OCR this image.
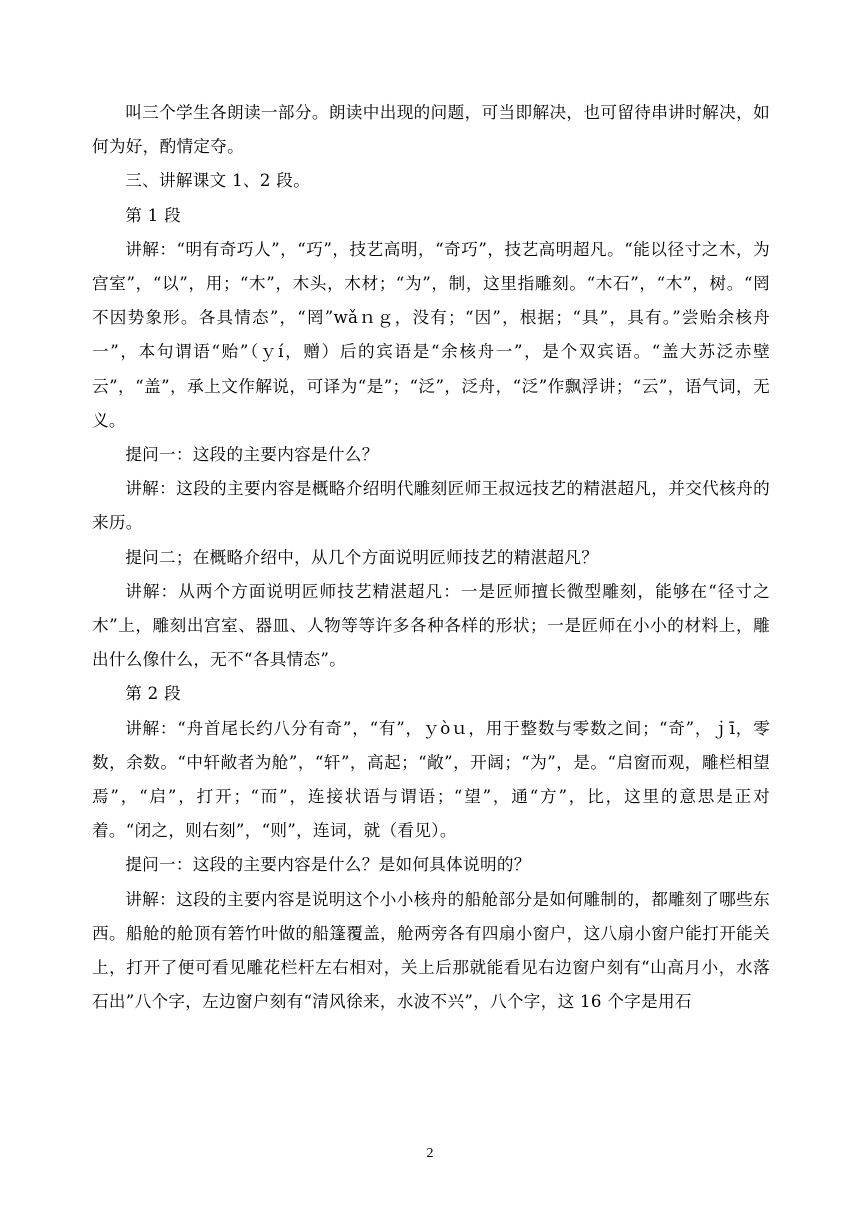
叫三个学生各朗读一部分。朗读中出现的问题，可当即解决，也可留待串讲时解决，如何为好，酌情定夺。

三、讲解课文 1、2 段。

第 1 段

讲解：“明有奇巧人”，“巧”，技艺高明，“奇巧”，技艺高明超凡。“能以径寸之木，为宫室”，“以”，用；“木”，木头，木材；“为”，制，这里指雕刻。“木石”，“木”，树。“罔不因势象形。各具情态”，“罔”wǎｎｇ，没有；“因”，根据；“具”，具有。”尝贻余核舟一”，本句谓语“贻”（ｙí，赠）后的宾语是“余核舟一”，是个双宾语。“盖大苏泛赤壁云”，“盖”，承上文作解说，可译为“是”；“泛”，泛舟，“泛”作飘浮讲；“云”，语气词，无义。

提问一：这段的主要内容是什么？

讲解：这段的主要内容是概略介绍明代雕刻匠师王叔远技艺的精湛超凡，并交代核舟的来历。

提问二；在概略介绍中，从几个方面说明匠师技艺的精湛超凡？

讲解：从两个方面说明匠师技艺精湛超凡：一是匠师擅长微型雕刻，能够在“径寸之木”上，雕刻出宫室、器皿、人物等等许多各种各样的形状；一是匠师在小小的材料上，雕出什么像什么，无不“各具情态”。

第 2 段

讲解：“舟首尾长约八分有奇”，“有”，ｙòｕ，用于整数与零数之间；“奇”，ｊī，零数，余数。“中轩敞者为舱”，“轩”，高起；“敞”，开阔；“为”，是。“启窗而观，雕栏相望焉”，“启”，打开；“而”，连接状语与谓语；“望”，通“方”，比，这里的意思是正对着。“闭之，则右刻”，“则”，连词，就（看见）。

提问一：这段的主要内容是什么？是如何具体说明的？

讲解：这段的主要内容是说明这个小小核舟的船舱部分是如何雕制的，都雕刻了哪些东西。船舱的舱顶有箬竹叶做的船篷覆盖，舱两旁各有四扇小窗户，这八扇小窗户能打开能关上，打开了便可看见雕花栏杆左右相对，关上后那就能看见右边窗户刻有“山高月小，水落石出”八个字，左边窗户刻有“清风徐来，水波不兴”，八个字，这 16 个字是用石

2
